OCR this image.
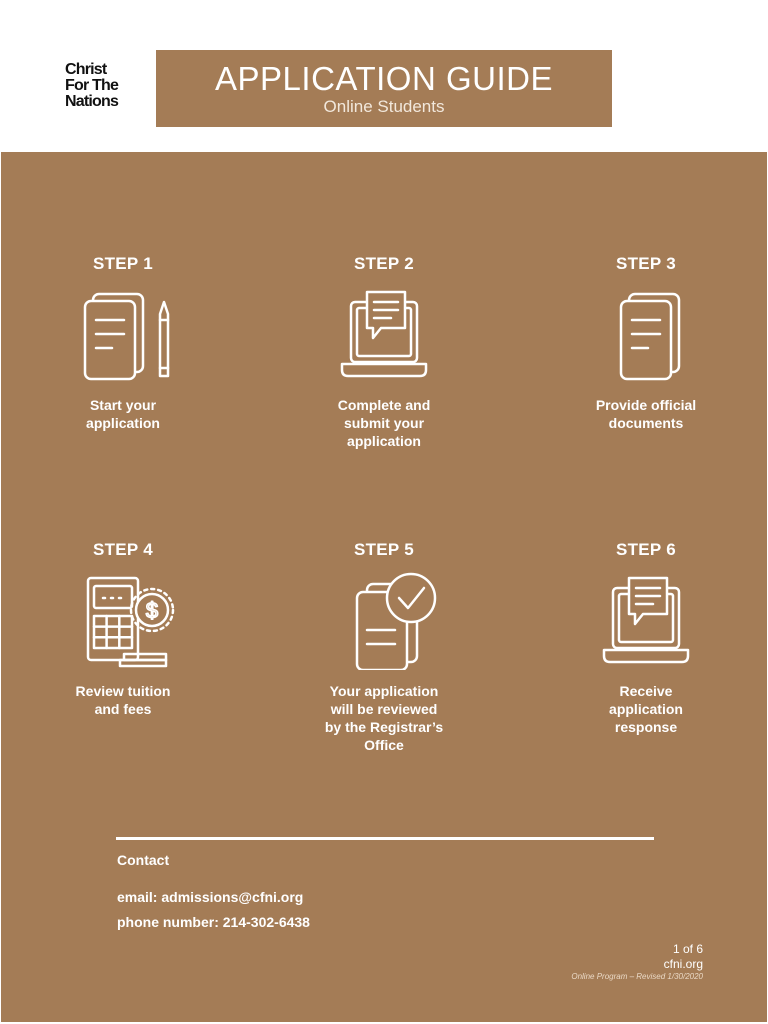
Christ
For The
Nations
APPLICATION GUIDE
Online Students
STEP 1
Start your
application
STEP 2
Complete and
submit your
application
STEP 3
Provide official
documents
STEP 4
$
Review tuition
and fees
STEP 5
Your application
will be reviewed
by the Registrar’s
Office
STEP 6
Receive
application
response
Contact
email: admissions@cfni.org
phone number: 214-302-6438
1 of 6
cfni.org
Online Program – Revised 1/30/2020
